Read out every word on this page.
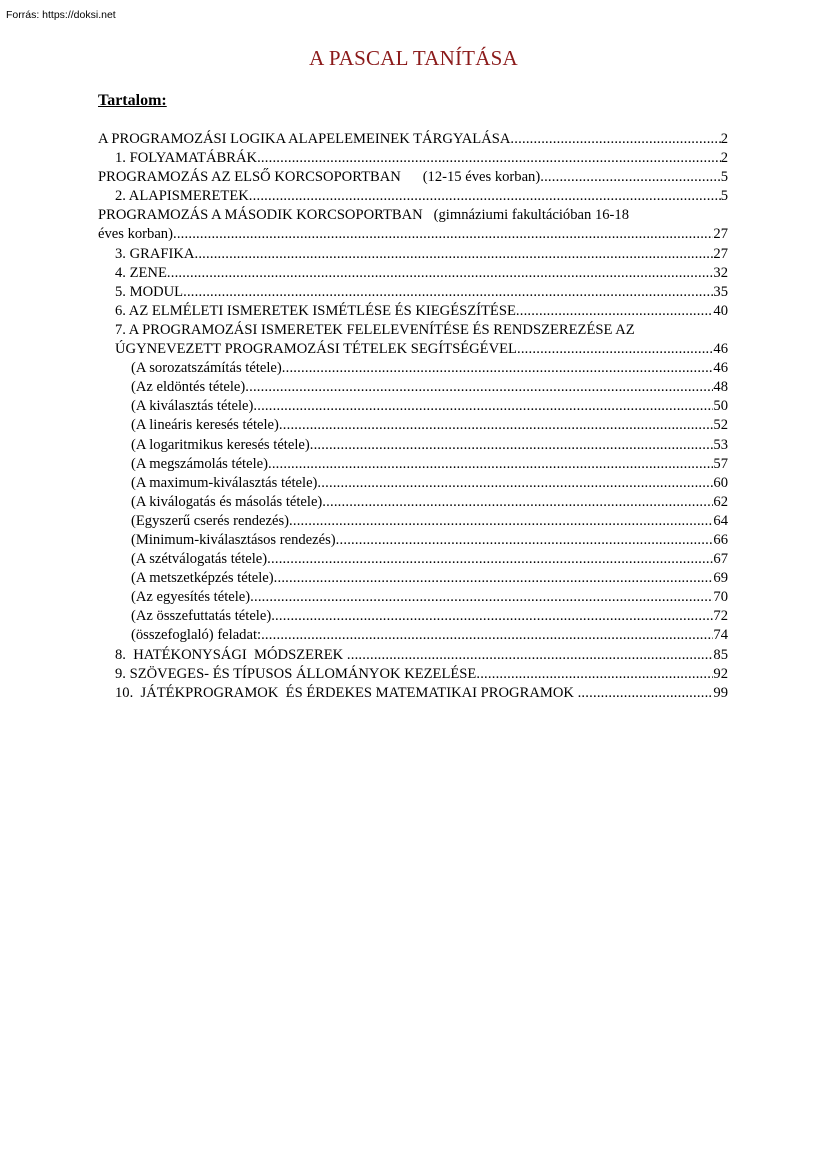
Forrás: https://doksi.net
A PASCAL TANÍTÁSA
Tartalom:
A PROGRAMOZÁSI LOGIKA ALAPELEMEINEK TÁRGYALÁSA .....	2
1. FOLYAMATÁBRÁK .....	2
PROGRAMOZÁS AZ ELSŐ KORCSOPORTBAN      (12-15 éves korban) .....	5
2. ALAPISMERETEK .....	5
PROGRAMOZÁS A MÁSODIK KORCSOPORTBAN   (gimnáziumi fakultációban 16-18
éves korban) .....	27
3. GRAFIKA .....	27
4. ZENE .....	32
5. MODUL .....	35
6. AZ ELMÉLETI ISMERETEK ISMÉTLÉSE ÉS KIEGÉSZÍTÉSE .....	40
7. A PROGRAMOZÁSI ISMERETEK FELELEVENÍTÉSE ÉS RENDSZEREZÉSE AZ
ÚGYNEVEZETT PROGRAMOZÁSI TÉTELEK SEGÍTSÉGÉVEL .....	46
(A sorozatszámítás tétele) .....	46
(Az eldöntés tétele) .....	48
(A kiválasztás tétele) .....	50
(A lineáris keresés tétele) .....	52
(A logaritmikus keresés tétele) .....	53
(A megszámolás tétele) .....	57
(A maximum-kiválasztás tétele) .....	60
(A kiválogatás és másolás tétele) .....	62
(Egyszerű cserés rendezés) .....	64
(Minimum-kiválasztásos rendezés) .....	66
(A szétválogatás tétele) .....	67
(A metszetképzés tétele) .....	69
(Az egyesítés tétele) .....	70
(Az összefuttatás tétele) .....	72
(összefoglaló) feladat: .....	74
8.  HATÉKONYSÁGI  MÓDSZEREK .....	85
9. SZÖVEGES- ÉS TÍPUSOS ÁLLOMÁNYOK KEZELÉSE .....	92
10.  JÁTÉKPROGRAMOK  ÉS ÉRDEKES MATEMATIKAI PROGRAMOK .....	99
